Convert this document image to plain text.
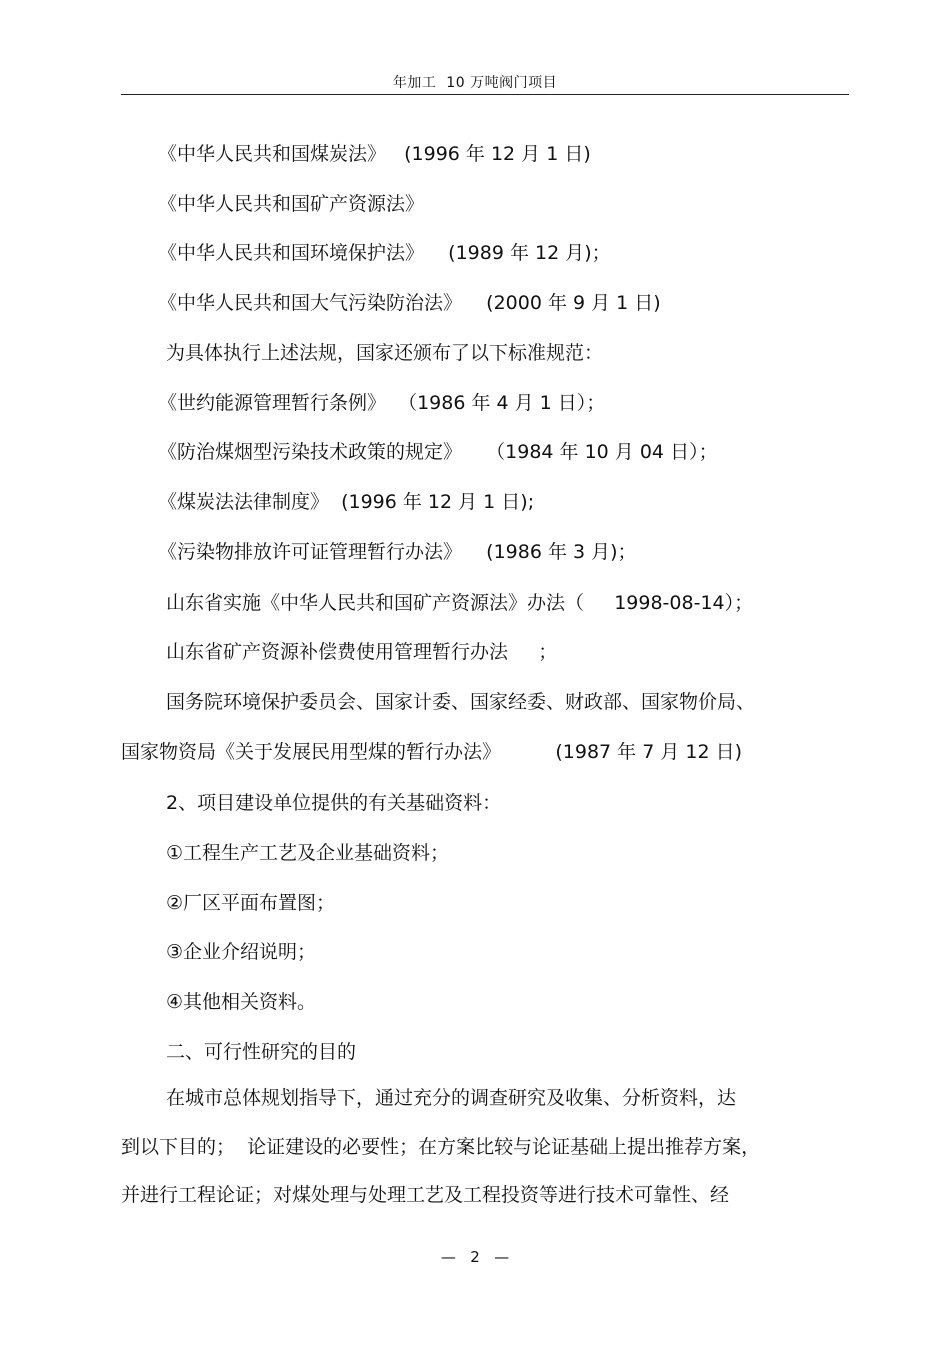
年加工  10 万吨阀门项目
《中华人民共和国煤炭法》   (1996 年 12 月 1 日)
《中华人民共和国矿产资源法》
《中华人民共和国环境保护法》    (1989 年 12 月)；
《中华人民共和国大气污染防治法》    (2000 年 9 月 1 日)
为具体执行上述法规，国家还颁布了以下标准规范：
《世约能源管理暂行条例》  （1986 年 4 月 1 日）；
《防治煤烟型污染技术政策的规定》    （1984 年 10 月 04 日）；
《煤炭法法律制度》  (1996 年 12 月 1 日);
《污染物排放许可证管理暂行办法》    (1986 年 3 月)；
山东省实施《中华人民共和国矿产资源法》办法（     1998-08-14）；
山东省矿产资源补偿费使用管理暂行办法     ；
国务院环境保护委员会、国家计委、国家经委、财政部、国家物价局、
国家物资局《关于发展民用型煤的暂行办法》         (1987 年 7 月 12 日)
2、项目建设单位提供的有关基础资料：
①工程生产工艺及企业基础资料；
②厂区平面布置图；
③企业介绍说明；
④其他相关资料。
二、可行性研究的目的
在城市总体规划指导下，通过充分的调查研究及收集、分析资料，达
到以下目的；  论证建设的必要性；在方案比较与论证基础上提出推荐方案，
并进行工程论证；对煤处理与处理工艺及工程投资等进行技术可靠性、经
—   2   —
